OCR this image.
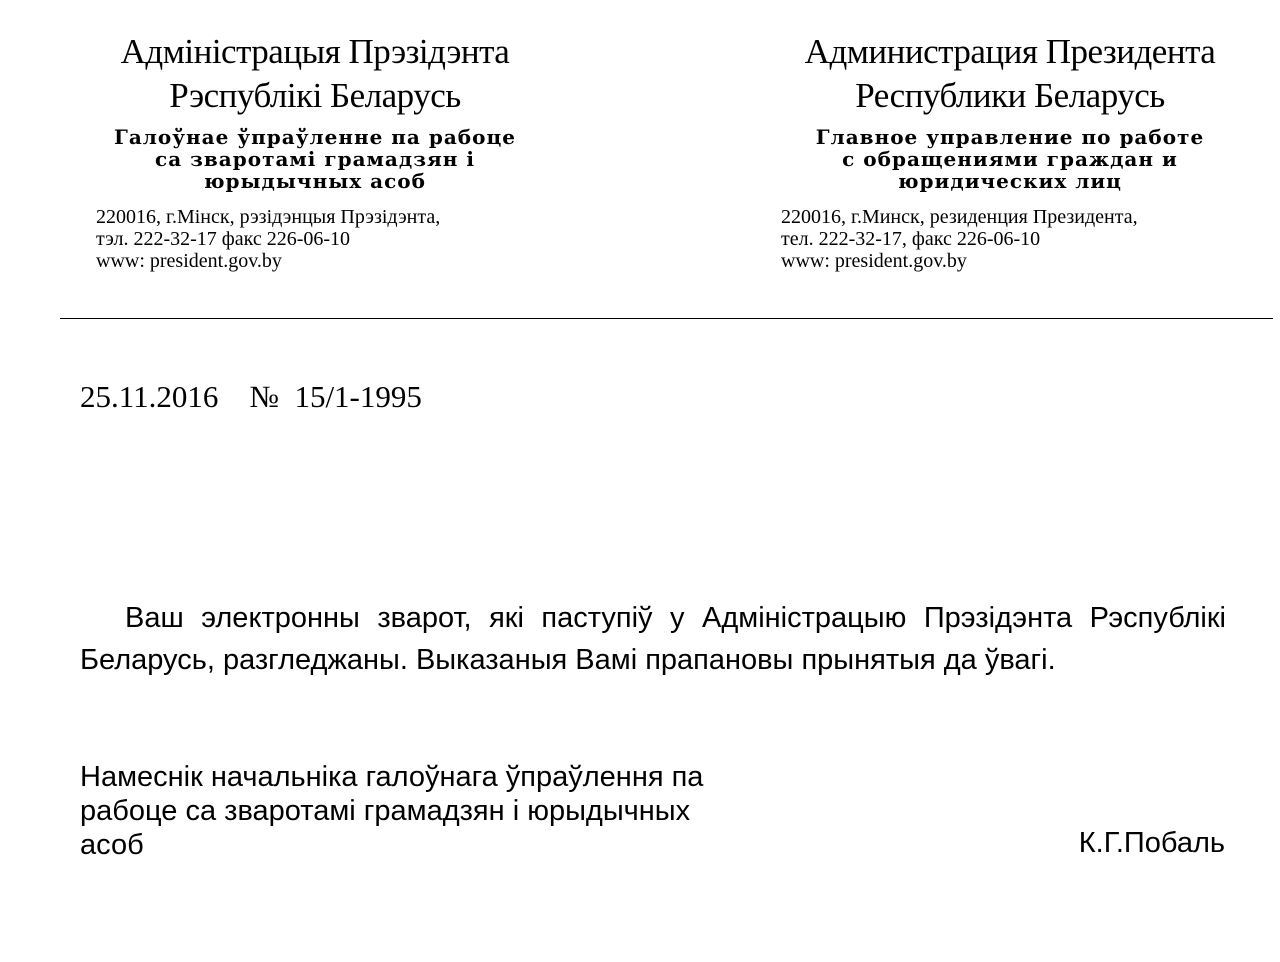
Адміністрацыя Прэзідэнта
Рэспублікі Беларусь
Галоўнае ўпраўленне па рабоце
са зваротамі грамадзян і
юрыдычных асоб
220016, г.Мінск, рэзідэнцыя Прэзідэнта,
тэл. 222-32-17 факс 226-06-10
www: president.gov.by
Администрация Президента
Республики Беларусь
Главное управление по работе
с обращениями граждан и
юридических лиц
220016, г.Минск, резиденция Президента,
тел. 222-32-17, факс 226-06-10
www: president.gov.by
25.11.2016 № 15/1-1995

Ваш электронны зварот, які паступіў у Адміністрацыю Прэзідэнта Рэспублікі Беларусь, разгледжаны. Выказаныя Вамі прапановы прынятыя да ўвагі.

Намеснік начальніка галоўнага ўпраўлення па
рабоце са зваротамі грамадзян і юрыдычных
асоб	К.Г.Побаль
